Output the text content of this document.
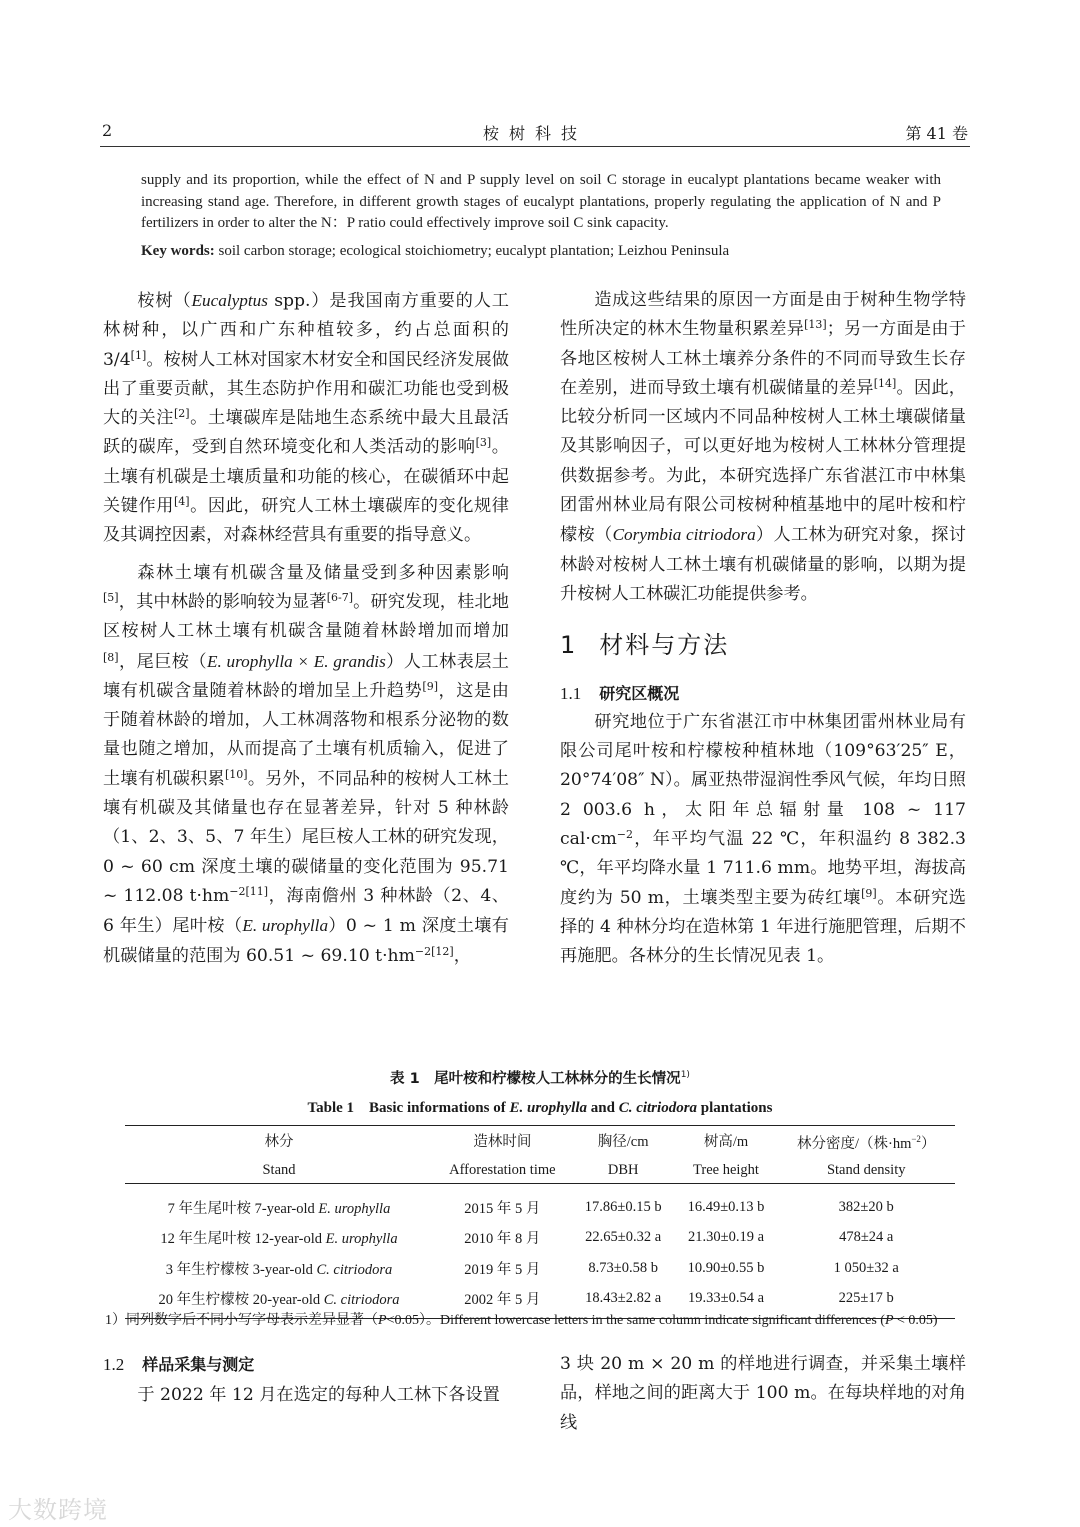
2	桉树科技	第 41 卷
supply and its proportion, while the effect of N and P supply level on soil C storage in eucalypt plantations became weaker with increasing stand age. Therefore, in different growth stages of eucalypt plantations, properly regulating the application of N and P fertilizers in order to alter the N：P ratio could effectively improve soil C sink capacity.
Key words: soil carbon storage; ecological stoichiometry; eucalypt plantation; Leizhou Peninsula

桉树（Eucalyptus spp.）是我国南方重要的人工林树种，以广西和广东种植较多，约占总面积的 3/4[1]。桉树人工林对国家木材安全和国民经济发展做出了重要贡献，其生态防护作用和碳汇功能也受到极大的关注[2]。土壤碳库是陆地生态系统中最大且最活跃的碳库，受到自然环境变化和人类活动的影响[3]。土壤有机碳是土壤质量和功能的核心，在碳循环中起关键作用[4]。因此，研究人工林土壤碳库的变化规律及其调控因素，对森林经营具有重要的指导意义。

森林土壤有机碳含量及储量受到多种因素影响[5]，其中林龄的影响较为显著[6-7]。研究发现，桂北地区桉树人工林土壤有机碳含量随着林龄增加而增加[8]，尾巨桉（E. urophylla × E. grandis）人工林表层土壤有机碳含量随着林龄的增加呈上升趋势[9]，这是由于随着林龄的增加，人工林凋落物和根系分泌物的数量也随之增加，从而提高了土壤有机质输入，促进了土壤有机碳积累[10]。另外，不同品种的桉树人工林土壤有机碳及其储量也存在显著差异，针对 5 种林龄（1、2、3、5、7 年生）尾巨桉人工林的研究发现，0 ~ 60 cm 深度土壤的碳储量的变化范围为 95.71 ~ 112.08 $t\cdot hm^{-2[11]}$，海南儋州 3 种林龄（2、4、6 年生）尾叶桉（E. urophylla）0 ~ 1 m 深度土壤有机碳储量的范围为 60.51 ~ 69.10 $t\cdot hm^{-2[12]}$，

造成这些结果的原因一方面是由于树种生物学特性所决定的林木生物量积累差异[13]；另一方面是由于各地区桉树人工林土壤养分条件的不同而导致生长存在差别，进而导致土壤有机碳储量的差异[14]。因此，比较分析同一区域内不同品种桉树人工林土壤碳储量及其影响因子，可以更好地为桉树人工林林分管理提供数据参考。为此，本研究选择广东省湛江市中林集团雷州林业局有限公司桉树种植基地中的尾叶桉和柠檬桉（Corymbia citriodora）人工林为研究对象，探讨林龄对桉树人工林土壤有机碳储量的影响，以期为提升桉树人工林碳汇功能提供参考。

1 材料与方法

1.1 研究区概况

研究地位于广东省湛江市中林集团雷州林业局有限公司尾叶桉和柠檬桉种植林地（109°63′25″ E，20°74′08″ N）。属亚热带湿润性季风气候，年均日照 2 003.6 h，太阳年总辐射量 108 ~ 117 $cal\cdot cm^{-2}$，年平均气温 22 ℃，年积温约 8 382.3 ℃，年平均降水量 1 711.6 mm。地势平坦，海拔高度约为 50 m，土壤类型主要为砖红壤[9]。本研究选择的 4 种林分均在造林第 1 年进行施肥管理，后期不再施肥。各林分的生长情况见表 1。

表 1　尾叶桉和柠檬桉人工林林分的生长情况$^{1)}$
Table 1　Basic informations of E. urophylla and C. citriodora plantations
林分	造林时间	胸径/cm	树高/m	林分密度/（株$\cdot hm^{-2}$）
Stand	Afforestation time	DBH	Tree height	Stand density
7 年生尾叶桉 7-year-old E. urophylla	2015 年 5 月	17.86±0.15 b	16.49±0.13 b	382±20 b
12 年生尾叶桉 12-year-old E. urophylla	2010 年 8 月	22.65±0.32 a	21.30±0.19 a	478±24 a
3 年生柠檬桉 3-year-old C. citriodora	2019 年 5 月	8.73±0.58 b	10.90±0.55 b	1 050±32 a
20 年生柠檬桉 20-year-old C. citriodora	2002 年 5 月	18.43±2.82 a	19.33±0.54 a	225±17 b
1）同列数字后不同小写字母表示差异显著（P<0.05）。Different lowercase letters in the same column indicate significant differences (P < 0.05)

1.2 样品采集与测定

于 2022 年 12 月在选定的每种人工林下各设置

3 块 20 m × 20 m 的样地进行调查，并采集土壤样品，样地之间的距离大于 100 m。在每块样地的对角线

大数跨境
